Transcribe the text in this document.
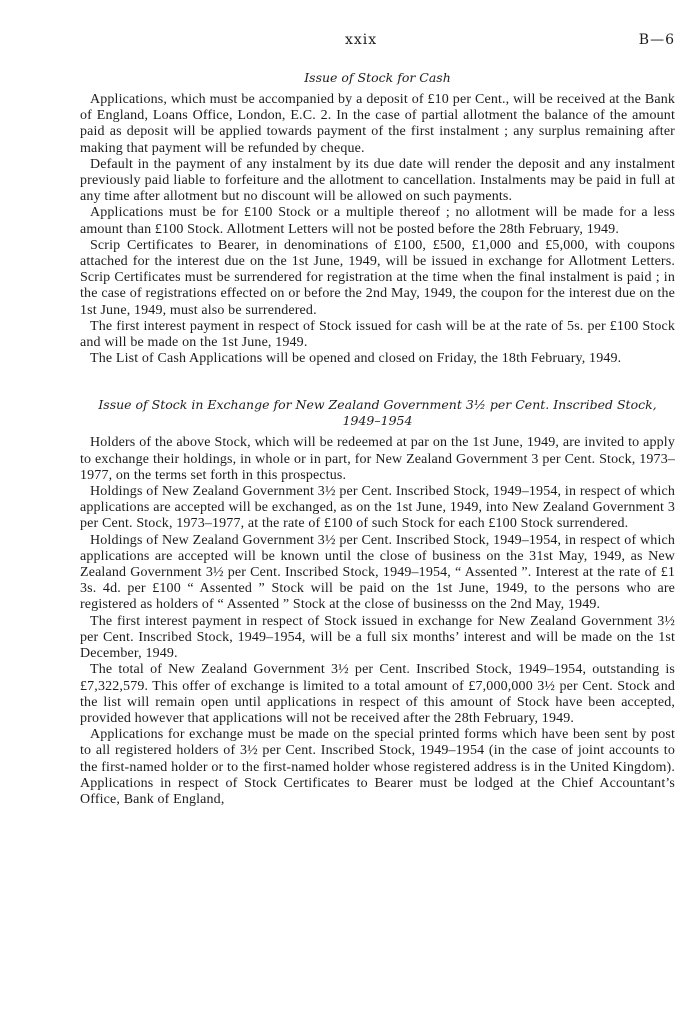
xxix	B—6
Issue of Stock for Cash

Applications, which must be accompanied by a deposit of £10 per Cent., will be received at the Bank of England, Loans Office, London, E.C. 2. In the case of partial allotment the balance of the amount paid as deposit will be applied towards payment of the first instalment ; any surplus remaining after making that payment will be refunded by cheque.

Default in the payment of any instalment by its due date will render the deposit and any instalment previously paid liable to forfeiture and the allotment to cancellation. Instalments may be paid in full at any time after allotment but no discount will be allowed on such payments.

Applications must be for £100 Stock or a multiple thereof ; no allotment will be made for a less amount than £100 Stock. Allotment Letters will not be posted before the 28th February, 1949.

Scrip Certificates to Bearer, in denominations of £100, £500, £1,000 and £5,000, with coupons attached for the interest due on the 1st June, 1949, will be issued in exchange for Allotment Letters. Scrip Certificates must be surrendered for registration at the time when the final instalment is paid ; in the case of registrations effected on or before the 2nd May, 1949, the coupon for the interest due on the 1st June, 1949, must also be surrendered.

The first interest payment in respect of Stock issued for cash will be at the rate of 5s. per £100 Stock and will be made on the 1st June, 1949.

The List of Cash Applications will be opened and closed on Friday, the 18th February, 1949.

Issue of Stock in Exchange for New Zealand Government 3½ per Cent. Inscribed Stock,
1949–1954

Holders of the above Stock, which will be redeemed at par on the 1st June, 1949, are invited to apply to exchange their holdings, in whole or in part, for New Zealand Government 3 per Cent. Stock, 1973–1977, on the terms set forth in this prospectus.

Holdings of New Zealand Government 3½ per Cent. Inscribed Stock, 1949–1954, in respect of which applications are accepted will be exchanged, as on the 1st June, 1949, into New Zealand Government 3 per Cent. Stock, 1973–1977, at the rate of £100 of such Stock for each £100 Stock surrendered.

Holdings of New Zealand Government 3½ per Cent. Inscribed Stock, 1949–1954, in respect of which applications are accepted will be known until the close of business on the 31st May, 1949, as New Zealand Government 3½ per Cent. Inscribed Stock, 1949–1954, “ Assented ”. Interest at the rate of £1 3s. 4d. per £100 “ Assented ” Stock will be paid on the 1st June, 1949, to the persons who are registered as holders of “ Assented ” Stock at the close of businesss on the 2nd May, 1949.

The first interest payment in respect of Stock issued in exchange for New Zealand Government 3½ per Cent. Inscribed Stock, 1949–1954, will be a full six months’ interest and will be made on the 1st December, 1949.

The total of New Zealand Government 3½ per Cent. Inscribed Stock, 1949–1954, outstanding is £7,322,579. This offer of exchange is limited to a total amount of £7,000,000 3½ per Cent. Stock and the list will remain open until applications in respect of this amount of Stock have been accepted, provided however that applications will not be received after the 28th February, 1949.

Applications for exchange must be made on the special printed forms which have been sent by post to all registered holders of 3½ per Cent. Inscribed Stock, 1949–1954 (in the case of joint accounts to the first-named holder or to the first-named holder whose registered address is in the United Kingdom). Applications in respect of Stock Certificates to Bearer must be lodged at the Chief Accountant’s Office, Bank of England,
